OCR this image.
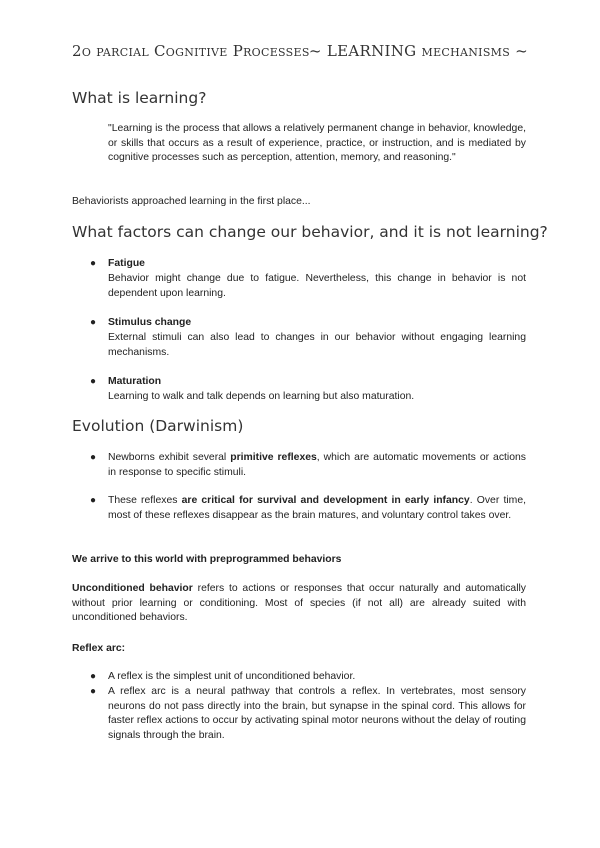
2o parcial Cognitive Processes ~ LEARNING mechanisms ~
What is learning?
"Learning is the process that allows a relatively permanent change in behavior, knowledge, or skills that occurs as a result of experience, practice, or instruction, and is mediated by cognitive processes such as perception, attention, memory, and reasoning."
Behaviorists approached learning in the first place...
What factors can change our behavior, and it is not learning?
● Fatigue
Behavior might change due to fatigue. Nevertheless, this change in behavior is not dependent upon learning.
● Stimulus change
External stimuli can also lead to changes in our behavior without engaging learning mechanisms.
● Maturation
Learning to walk and talk depends on learning but also maturation.
Evolution (Darwinism)
● Newborns exhibit several primitive reflexes, which are automatic movements or actions in response to specific stimuli.
● These reflexes are critical for survival and development in early infancy. Over time, most of these reflexes disappear as the brain matures, and voluntary control takes over.
We arrive to this world with preprogrammed behaviors
Unconditioned behavior refers to actions or responses that occur naturally and automatically without prior learning or conditioning. Most of species (if not all) are already suited with unconditioned behaviors.
Reflex arc:
● A reflex is the simplest unit of unconditioned behavior.
● A reflex arc is a neural pathway that controls a reflex. In vertebrates, most sensory neurons do not pass directly into the brain, but synapse in the spinal cord. This allows for faster reflex actions to occur by activating spinal motor neurons without the delay of routing signals through the brain.
